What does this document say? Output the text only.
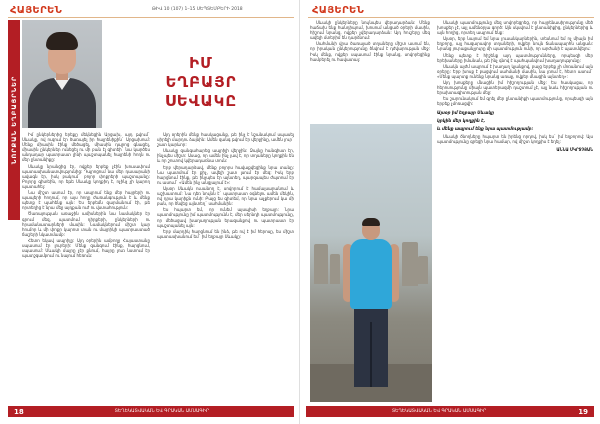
ՀԱՅԵՐԵՆ	ԹԻՎ 10 (107) 1–15 ՍԵՊՏԵՄԲԵՐԻ 2018
ՆՈՐՔԱՆ ԵՂԲԱՅՐՆԵՐ
ԻՄ
ԵՂԲԱՅՐ
ՍԵՎԱԿԸ

Իմ ընկերներից երեքը մեկնեցին Արցախ, այդ թվում` Սևակը, ով ուզում էր ծառայել իր հայրենիքին` Արցախում: Մենք միասին էինք մեծացել, միասին դպրոց գնացել, միասին ընկերներ ունեցել ու մի բան էլ գիտեի` նա կարծես անդադար պատրաստ լինի պաշտպանել հայրենի հողն ու մեր ընտանիքը:

Սևակը նրանցից էր, ովքեր երբեք չէին խուսափում պատասխանատվությունից: Դպրոցում նա մեր դասարանի ավագն էր, իսկ բակում` բոլոր փոքրերի պաշտպանը: Բոլորը գիտեին, որ եթե Սևակը կողքիդ է, ոչինչ չի կարող պատահել:

Նա միշտ ասում էր, որ ապրում ենք մեր հայրերի ու պապերի հողում, որ այս հողը ժառանգություն է և մենք պետք է պահենք այն: Ես երբեմն զարմանում էի, թե որտեղից է նրա մեջ այդքան ուժ ու վստահություն:

Ծառայության առաջին ամիսներին նա նամակներ էր գրում մեզ, պատմում դիրքերի, ընկերների ու հրամանատարների մասին: Նամակներում միշտ կար հումոր և մի փոքր կարոտ տան ու մայրիկի պատրաստած ճաշերի նկատմամբ:

Հետո եկավ ապրիլը: Այդ օրերին ամբողջ Հայաստանը սպասում էր լուրերի: Մենք զանգում էինք, հարցնում, սպասում: Սևակի մայրը չէր քնում, հայրը լուռ նստում էր պատշգամբում ու նայում հեռուն:

Այդ օրերին մենք հասկացանք, թե ինչ է նշանակում սպասել սիրելի մարդու ձայնին: Ամեն զանգ թվում էր վերջինը, ամեն լուր` շատ կարևոր:

Սևակը զանգահարեց ապրիլի վերջին: Ձայնը հանգիստ էր, ինչպես միշտ: Ասաց, որ ամեն ինչ լավ է, որ տղաները կողքին են և որ շուտով կվերադառնա տուն:

Երբ վերադարձավ, մենք բոլորս հավաքվեցինք նրա տանը: Նա պատմում էր քիչ, ավելի շատ լսում էր մեզ: Իսկ երբ հարցնում էինք, թե ինչպես էր այնտեղ, պարզապես ժպտում էր ու ասում` «Ամեն ինչ անցյալում է»:

Այսօր Սևակն ուսանող է, սովորում է համալսարանում և աշխատում: Նա դեռ նույնն է` պատրաստ օգնելու ամեն մեկին, ով դրա կարիքն ունի: Բայց ես գիտեմ, որ նրա աչքերում կա մի բան, որ ծնվեց այնտեղ` սահմանին:

Ես հպարտ եմ, որ ունեմ այսպիսի եղբայր: Նրա պատմությունը իմ պատմությունն է, մեր սերնդի պատմությունը, որ մեծացավ խաղաղության երազանքով ու պատրաստ էր պաշտպանել այն:

Երբ մարդիկ հարցնում են ինձ, թե ով է իմ հերոսը, ես միշտ պատասխանում եմ` իմ եղբայր Սևակը:

18	ՏԵՂԵԿԱՏՎԱԿԱՆ ԵՎ ԳՐԱԿԱՆ ԱՄՍԱԳԻՐ
ՀԱՅԵՐԵՆ

Սևակի ընկերները նույնպես վերադարձան: Մենք հաճախ ենք հանդիպում, խոսում անցած օրերի մասին, հիշում նրանց, ովքեր չվերադարձան: Այդ հուշերը մեզ ավելի մտերիմ են դարձնում:

Սահմանի վրա ծառայած տղաները միշտ ասում են, որ իրական ընկերությունը ծնվում է դժվարության մեջ: Իսկ մենք, ովքեր սպասում էինք նրանց, սովորեցինք համբերել ու հավատալ:

Սևակի պատմությունը մեզ սովորեցրեց, որ հայրենասիրությունը մեծ խոսքեր չէ, այլ ամենօրյա գործ: Այն սկսվում է ընտանիքից, ընկերներից և այն հողից, որտեղ ապրում ենք:

Այսօր, երբ նայում եմ նրա լուսանկարներին, տեսնում եմ ոչ միայն իմ եղբորը, այլ հազարավոր տղաների, ովքեր նույն ճանապարհն անցան: Նրանց յուրաքանչյուրը մի պատմություն ունի, որ արժանի է պատմվելու:

Մենք պետք է հիշենք այդ պատմությունները, որպեսզի մեր երեխաները իմանան, թե ինչ գնով է պահպանվում խաղաղությունը:

Սևակն այժմ ապրում է խաղաղ կյանքով, բայց երբեք չի մոռանում այն օրերը: Երբ խոսք է բացվում սահմանի մասին, նա լռում է, հետո ասում` «Մենք պարտք ունենք նրանց առաջ, ովքեր մնացին այնտեղ»:

Այդ խոսքերը մնացին իմ հիշողության մեջ: Ես հասկացա, որ հերոսությունը միայն պատերազմի դաշտում չէ, այլ նաև հիշողության ու երախտագիտության մեջ:

Ես շարունակում եմ գրել մեր ընտանիքի պատմությունը, որպեսզի այն երբեք չմոռացվի:

Այսօր իմ եղբայր Սևակը

կրկին մեր կողքին է,

և մենք ապրում ենք նրա պատմությամբ:

Սևակի ծնողները հպարտ են իրենց որդով, իսկ ես` իմ եղբորով: Այս պատմությունը գրեցի նրա համար, ով միշտ կողքիս է եղել:

ԱՆՆԱ ՄԿՐՏՉՅԱՆ

ՏԵՂԵԿԱՏՎԱԿԱՆ ԵՎ ԳՐԱԿԱՆ ԱՄՍԱԳԻՐ	19
